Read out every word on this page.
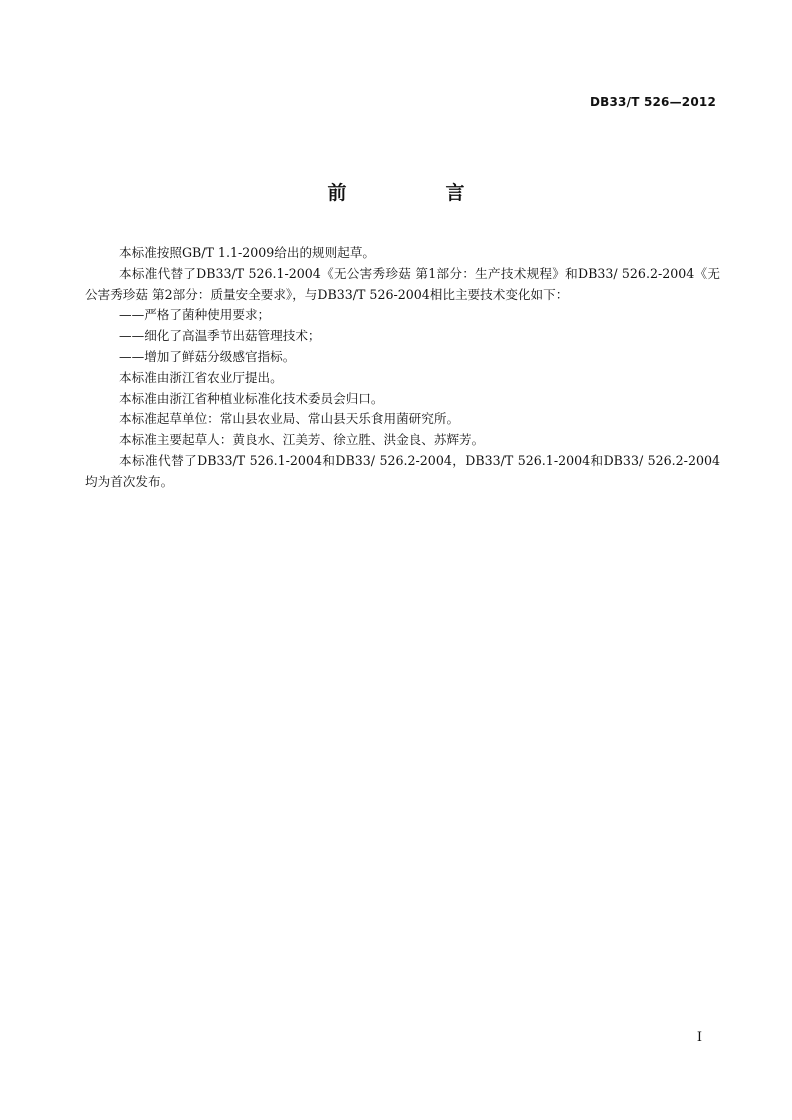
DB33/T 526—2012
前　言

本标准按照GB/T 1.1-2009给出的规则起草。

本标准代替了DB33/T 526.1-2004《无公害秀珍菇 第1部分：生产技术规程》和DB33/ 526.2-2004《无公害秀珍菇 第2部分：质量安全要求》，与DB33/T 526-2004相比主要技术变化如下：

——严格了菌种使用要求；

——细化了高温季节出菇管理技术；

——增加了鲜菇分级感官指标。

本标准由浙江省农业厅提出。

本标准由浙江省种植业标准化技术委员会归口。

本标准起草单位：常山县农业局、常山县天乐食用菌研究所。

本标准主要起草人：黄良水、江美芳、徐立胜、洪金良、苏辉芳。

本标准代替了DB33/T 526.1-2004和DB33/ 526.2-2004，DB33/T 526.1-2004和DB33/ 526.2-2004均为首次发布。

I
